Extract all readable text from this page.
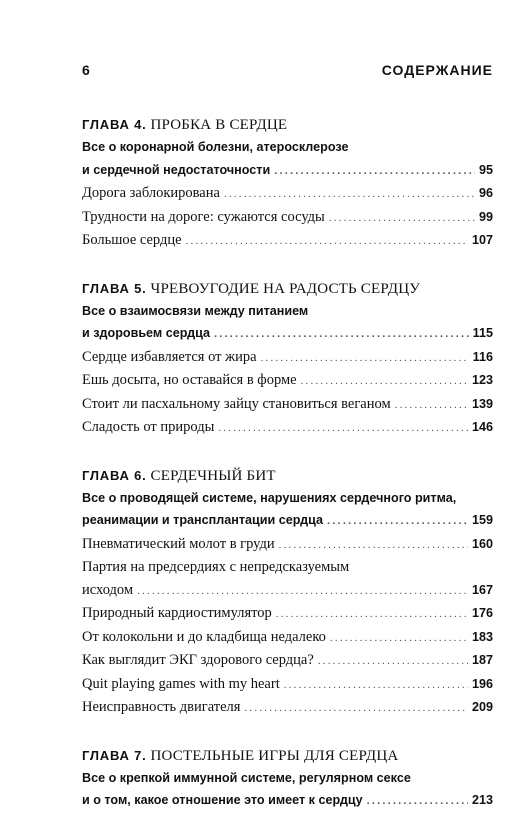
6	СОДЕРЖАНИЕ
ГЛАВА 4. ПРОБКА В СЕРДЦЕ
Все о коронарной болезни, атеросклерозе
и сердечной недостаточности .....	95
Дорога заблокирована .....	96
Трудности на дороге: сужаются сосуды .....	99
Большое сердце .....	107
ГЛАВА 5. ЧРЕВОУГОДИЕ НА РАДОСТЬ СЕРДЦУ
Все о взаимосвязи между питанием
и здоровьем сердца .....	115
Сердце избавляется от жира .....	116
Ешь досыта, но оставайся в форме .....	123
Стоит ли пасхальному зайцу становиться веганом .....	139
Сладость от природы .....	146
ГЛАВА 6. СЕРДЕЧНЫЙ БИТ
Все о проводящей системе, нарушениях сердечного ритма,
реанимации и трансплантации сердца .....	159
Пневматический молот в груди .....	160
Партия на предсердиях с непредсказуемым
исходом .....	167
Природный кардиостимулятор .....	176
От колокольни и до кладбища недалеко .....	183
Как выглядит ЭКГ здорового сердца? .....	187
Quit playing games with my heart .....	196
Неисправность двигателя .....	209
ГЛАВА 7. ПОСТЕЛЬНЫЕ ИГРЫ ДЛЯ СЕРДЦА
Все о крепкой иммунной системе, регулярном сексе
и о том, какое отношение это имеет к сердцу .....	213
